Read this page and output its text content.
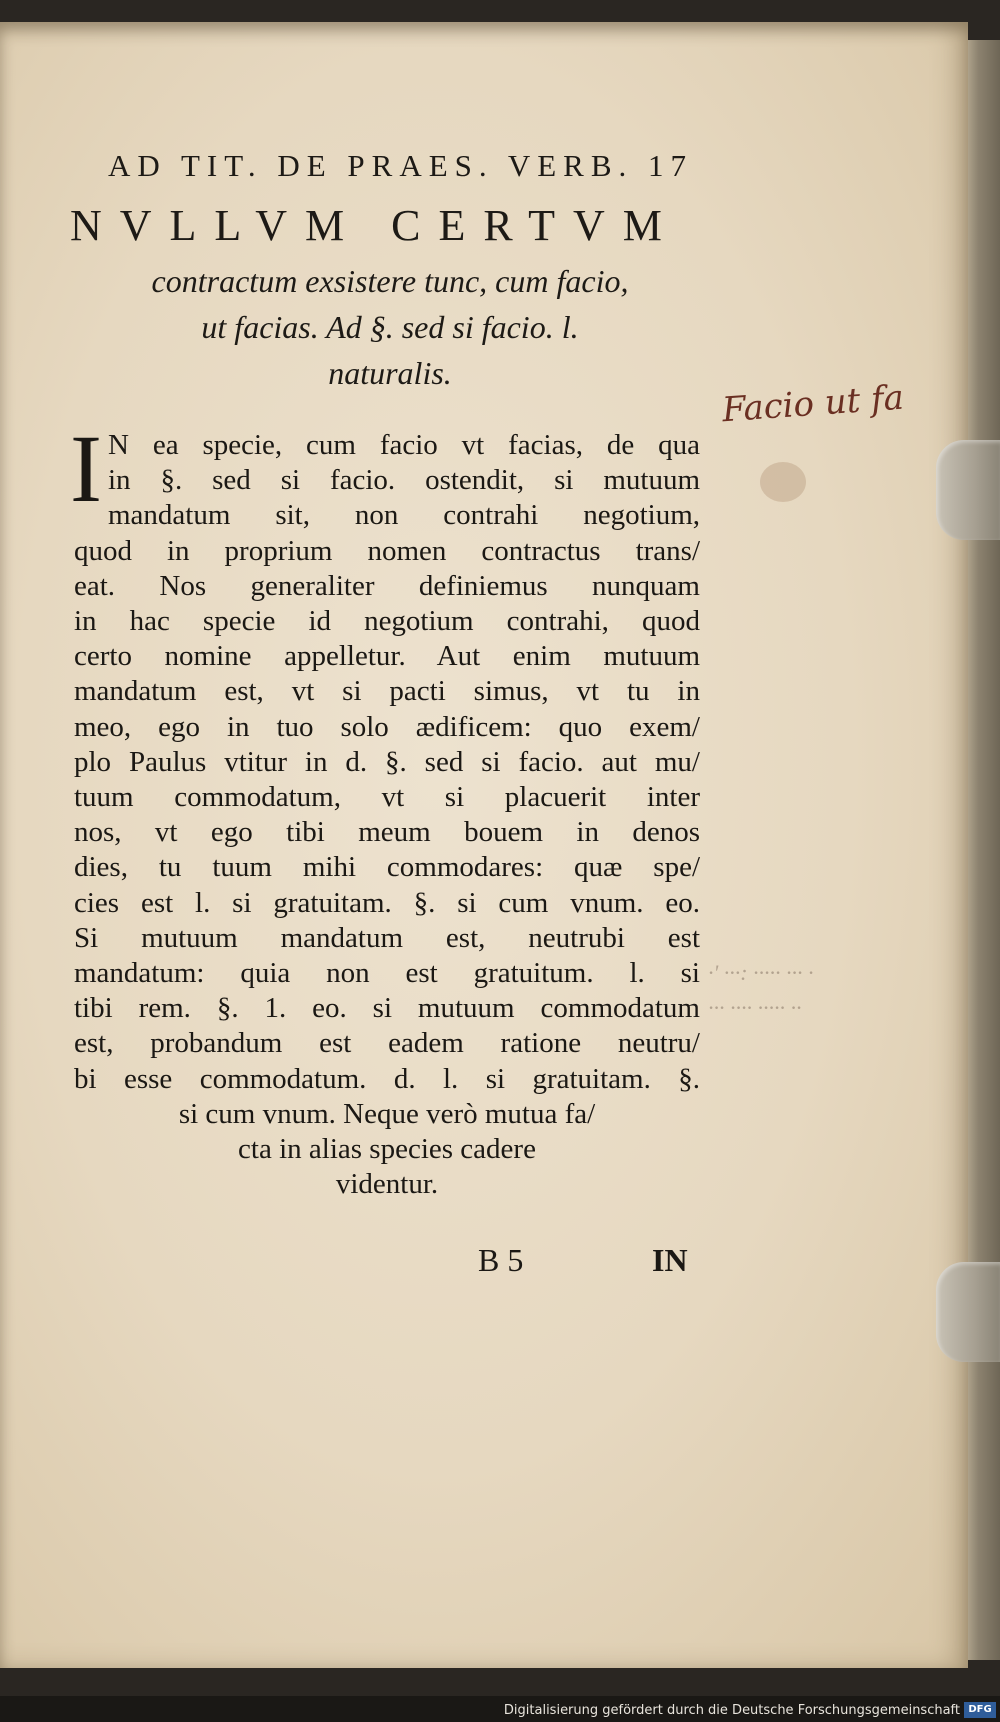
·' ···: ····· ··· ·
··· ···· ····· ··
AD TIT. DE PRAES. VERB. 17
NVLLVM CERTVM
contractum exsistere tunc, cum facio,
ut facias. Ad §. sed si facio. l.
naturalis.
Facio ut fa
I N ea specie, cum facio vt facias, de qua
in §. sed si facio. ostendit, si mutuum
mandatum sit, non contrahi negotium,
quod in proprium nomen contractus trans/
eat. Nos generaliter definiemus nunquam
in hac specie id negotium contrahi, quod
certo nomine appelletur. Aut enim mutuum
mandatum est, vt si pacti simus, vt tu in
meo, ego in tuo solo ædificem: quo exem/
plo Paulus vtitur in d. §. sed si facio. aut mu/
tuum commodatum, vt si placuerit inter
nos, vt ego tibi meum bouem in denos
dies, tu tuum mihi commodares: quæ spe/
cies est l. si gratuitam. §. si cum vnum. eo.
Si mutuum mandatum est, neutrubi est
mandatum: quia non est gratuitum. l. si
tibi rem. §. 1. eo. si mutuum commodatum
est, probandum est eadem ratione neutru/
bi esse commodatum. d. l. si gratuitam. §.
si cum vnum. Neque verò mutua fa/
cta in alias species cadere
videntur.
B 5	IN
Digitalisierung gefördert durch die Deutsche Forschungsgemeinschaft DFG
